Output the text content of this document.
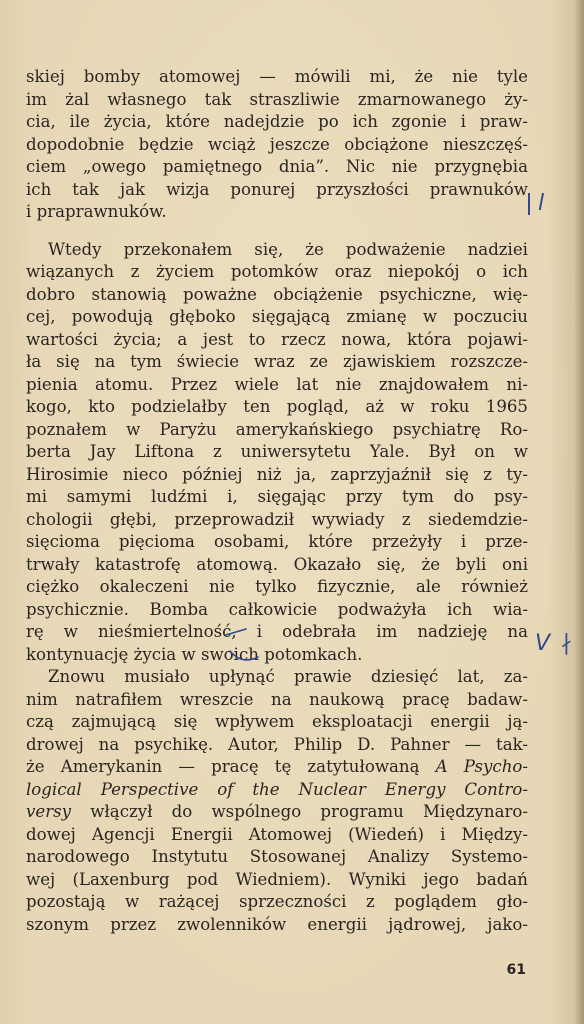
skiej bomby atomowej — mówili mi, że nie tyle
im żal własnego tak straszliwie zmarnowanego ży-
cia, ile życia, które nadejdzie po ich zgonie i praw-
dopodobnie będzie wciąż jeszcze obciążone nieszczęś-
ciem „owego pamiętnego dnia”. Nic nie przygnębia
ich tak jak wizja ponurej przyszłości prawnuków
i praprawnuków.
Wtedy przekonałem się, że podważenie nadziei
wiązanych z życiem potomków oraz niepokój o ich
dobro stanowią poważne obciążenie psychiczne, wię-
cej, powodują głęboko sięgającą zmianę w poczuciu
wartości życia; a jest to rzecz nowa, która pojawi-
ła się na tym świecie wraz ze zjawiskiem rozszcze-
pienia atomu. Przez wiele lat nie znajdowałem ni-
kogo, kto podzielałby ten pogląd, aż w roku 1965
poznałem w Paryżu amerykańskiego psychiatrę Ro-
berta Jay Liftona z uniwersytetu Yale. Był on w
Hirosimie nieco później niż ja, zaprzyjaźnił się z ty-
mi samymi ludźmi i, sięgając przy tym do psy-
chologii głębi, przeprowadził wywiady z siedemdzie-
sięcioma pięcioma osobami, które przeżyły i prze-
trwały katastrofę atomową. Okazało się, że byli oni
ciężko okaleczeni nie tylko fizycznie, ale również
psychicznie. Bomba całkowicie podważyła ich wia-
rę w nieśmiertelność, i odebrała im nadzieję na
kontynuację życia w swoich potomkach.
Znowu musiało upłynąć prawie dziesięć lat, za-
nim natrafiłem wreszcie na naukową pracę badaw-
czą zajmującą się wpływem eksploatacji energii ją-
drowej na psychikę. Autor, Philip D. Pahner — tak-
że Amerykanin — pracę tę zatytułowaną A Psycho-
logical Perspective of the Nuclear Energy Contro-
versy włączył do wspólnego programu Międzynaro-
dowej Agencji Energii Atomowej (Wiedeń) i Między-
narodowego Instytutu Stosowanej Analizy Systemo-
wej (Laxenburg pod Wiedniem). Wyniki jego badań
pozostają w rażącej sprzeczności z poglądem gło-
szonym przez zwolenników energii jądrowej, jako-
l
V ∤
61
